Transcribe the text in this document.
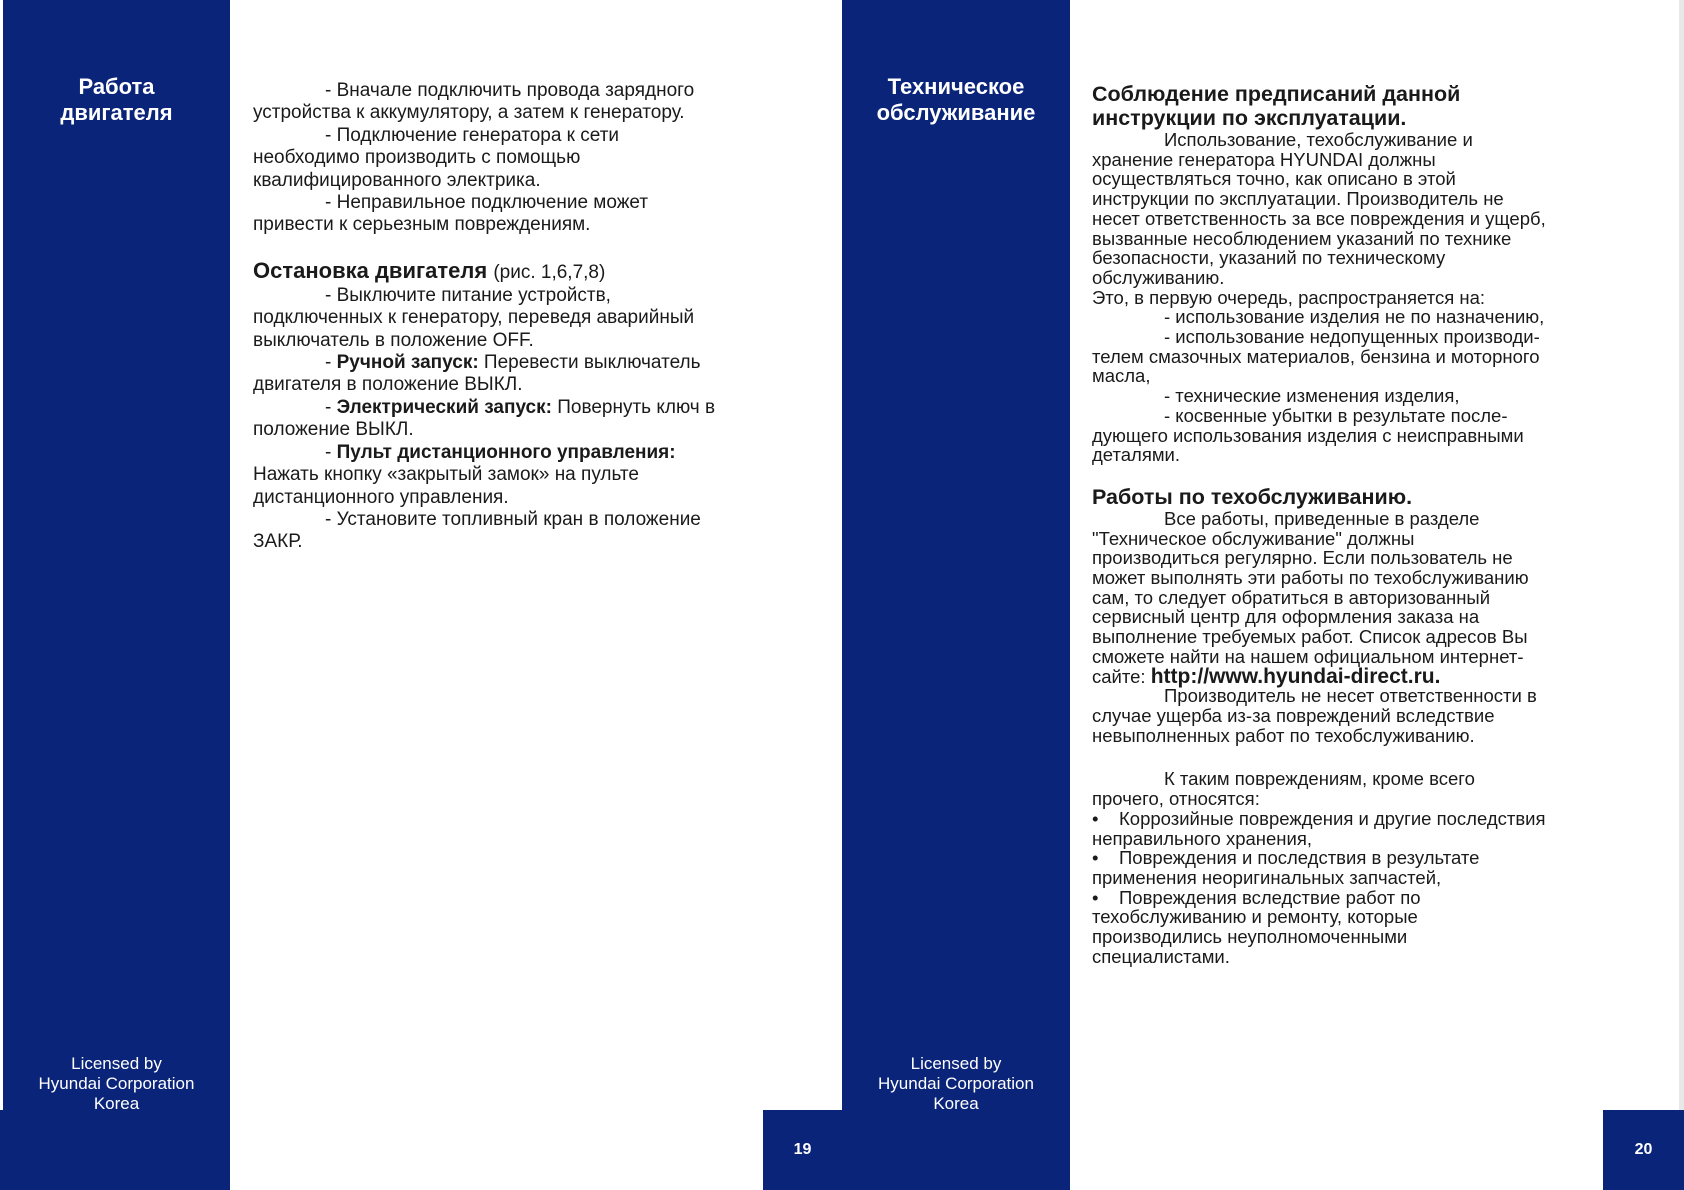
Работа
двигателя
Licensed by
Hyundai Corporation
Korea
- Вначале подключить провода зарядного
устройства к аккумулятору, а затем к генератору.
- Подключение генератора к сети
необходимо производить с помощью
квалифицированного электрика.
- Неправильное подключение может
привести к серьезным повреждениям.
Остановка двигателя (рис. 1,6,7,8)
- Выключите питание устройств,
подключенных к генератору, переведя аварийный
выключатель в положение OFF.
- Ручной запуск: Перевести выключатель
двигателя в положение ВЫКЛ.
- Электрический запуск: Повернуть ключ в
положение ВЫКЛ.
- Пульт дистанционного управления:
Нажать кнопку «закрытый замок» на пульте
дистанционного управления.
- Установите топливный кран в положение
ЗАКР.
19
Техническое
обслуживание
Licensed by
Hyundai Corporation
Korea
Соблюдение предписаний данной
инструкции по эксплуатации.
Использование, техобслуживание и
хранение генератора HYUNDAI должны
осуществляться точно, как описано в этой
инструкции по эксплуатации. Производитель не
несет ответственность за все повреждения и ущерб,
вызванные несоблюдением указаний по технике
безопасности, указаний по техническому
обслуживанию.
Это, в первую очередь, распространяется на:
- использование изделия не по назначению,
- использование недопущенных производи-
телем смазочных материалов, бензина и моторного
масла,
- технические изменения изделия,
- косвенные убытки в результате после-
дующего использования изделия с неисправными
деталями.
Работы по техобслуживанию.
Все работы, приведенные в разделе
"Техническое обслуживание" должны
производиться регулярно. Если пользователь не
может выполнять эти работы по техобслуживанию
сам, то следует обратиться в авторизованный
сервисный центр для оформления заказа на
выполнение требуемых работ. Список адресов Вы
сможете найти на нашем официальном интернет-
сайте: http://www.hyundai-direct.ru.
Производитель не несет ответственности в
случае ущерба из-за повреждений вследствие
невыполненных работ по техобслуживанию.
К таким повреждениям, кроме всего
прочего, относятся:
• Коррозийные повреждения и другие последствия
неправильного хранения,
• Повреждения и последствия в результате
применения неоригинальных запчастей,
• Повреждения вследствие работ по
техобслуживанию и ремонту, которые
производились неуполномоченными
специалистами.
20
